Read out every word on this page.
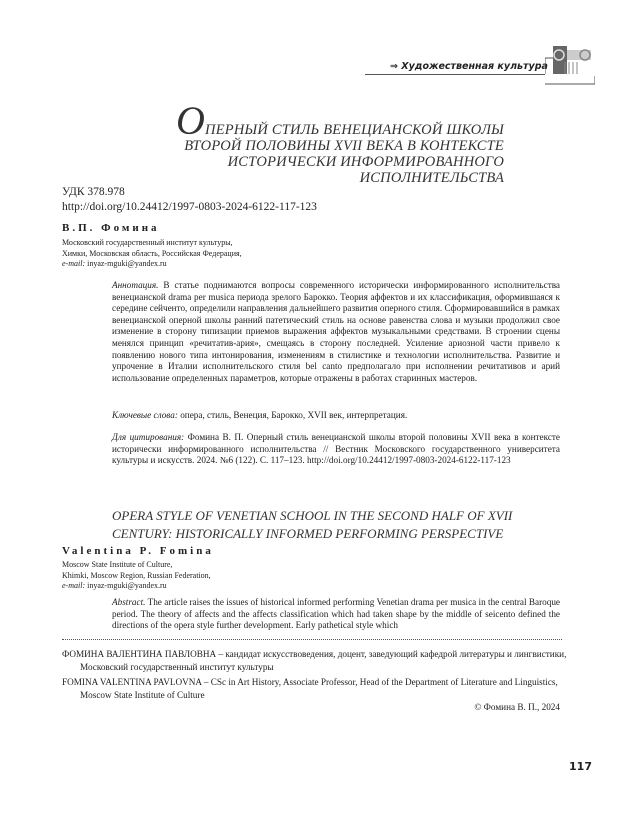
⇒ Художественная культура
ОПЕРНЫЙ СТИЛЬ ВЕНЕЦИАНСКОЙ ШКОЛЫ ВТОРОЙ ПОЛОВИНЫ XVII ВЕКА В КОНТЕКСТЕ ИСТОРИЧЕСКИ ИНФОРМИРОВАННОГО ИСПОЛНИТЕЛЬСТВА
УДК 378.978
http://doi.org/10.24412/1997-0803-2024-6122-117-123
В.П. Фомина
Московский государственный институт культуры,
Химки, Московская область, Российская Федерация,
e-mail: inyaz-mguki@yandex.ru
Аннотация. В статье поднимаются вопросы современного исторически информированного исполнительства венецианской drama per musica периода зрелого Барокко. Теория аффектов и их классификация, оформившаяся к середине сейченто, определили направления дальнейшего развития оперного стиля. Сформировавшийся в рамках венецианской оперной школы ранний патетический стиль на основе равенства слова и музыки продолжил свое изменение в сторону типизации приемов выражения аффектов музыкальными средствами. В строении сцены менялся принцип «речитатив-ария», смещаясь в сторону последней. Усиление ариозной части привело к появлению нового типа интонирования, изменениям в стилистике и технологии исполнительства. Развитие и упрочение в Италии исполнительского стиля bel canto предполагало при исполнении речитативов и арий использование определенных параметров, которые отражены в работах старинных мастеров.
Ключевые слова: опера, стиль, Венеция, Барокко, XVII век, интерпретация.
Для цитирования: Фомина В. П. Оперный стиль венецианской школы второй половины XVII века в контексте исторически информированного исполнительства // Вестник Московского государственного университета культуры и искусств. 2024. №6 (122). С. 117–123. http://doi.org/10.24412/1997-0803-2024-6122-117-123
OPERA STYLE OF VENETIAN SCHOOL IN THE SECOND HALF OF XVII CENTURY: HISTORICALLY INFORMED PERFORMING PERSPECTIVE
Valentina P. Fomina
Moscow State Institute of Culture,
Khimki, Moscow Region, Russian Federation,
e-mail: inyaz-mguki@yandex.ru
Abstract. The article raises the issues of historical informed performing Venetian drama per musica in the central Baroque period. The theory of affects and the affects classification which had taken shape by the middle of seicento defined the directions of the opera style further development. Early pathetical style which
ФОМИНА ВАЛЕНТИНА ПАВЛОВНА – кандидат искусствоведения, доцент, заведующий кафедрой литературы и лингвистики, Московский государственный институт культуры
FOMINA VALENTINA PAVLOVNA – CSc in Art History, Associate Professor, Head of the Department of Literature and Linguistics, Moscow State Institute of Culture
© Фомина В. П., 2024
117
